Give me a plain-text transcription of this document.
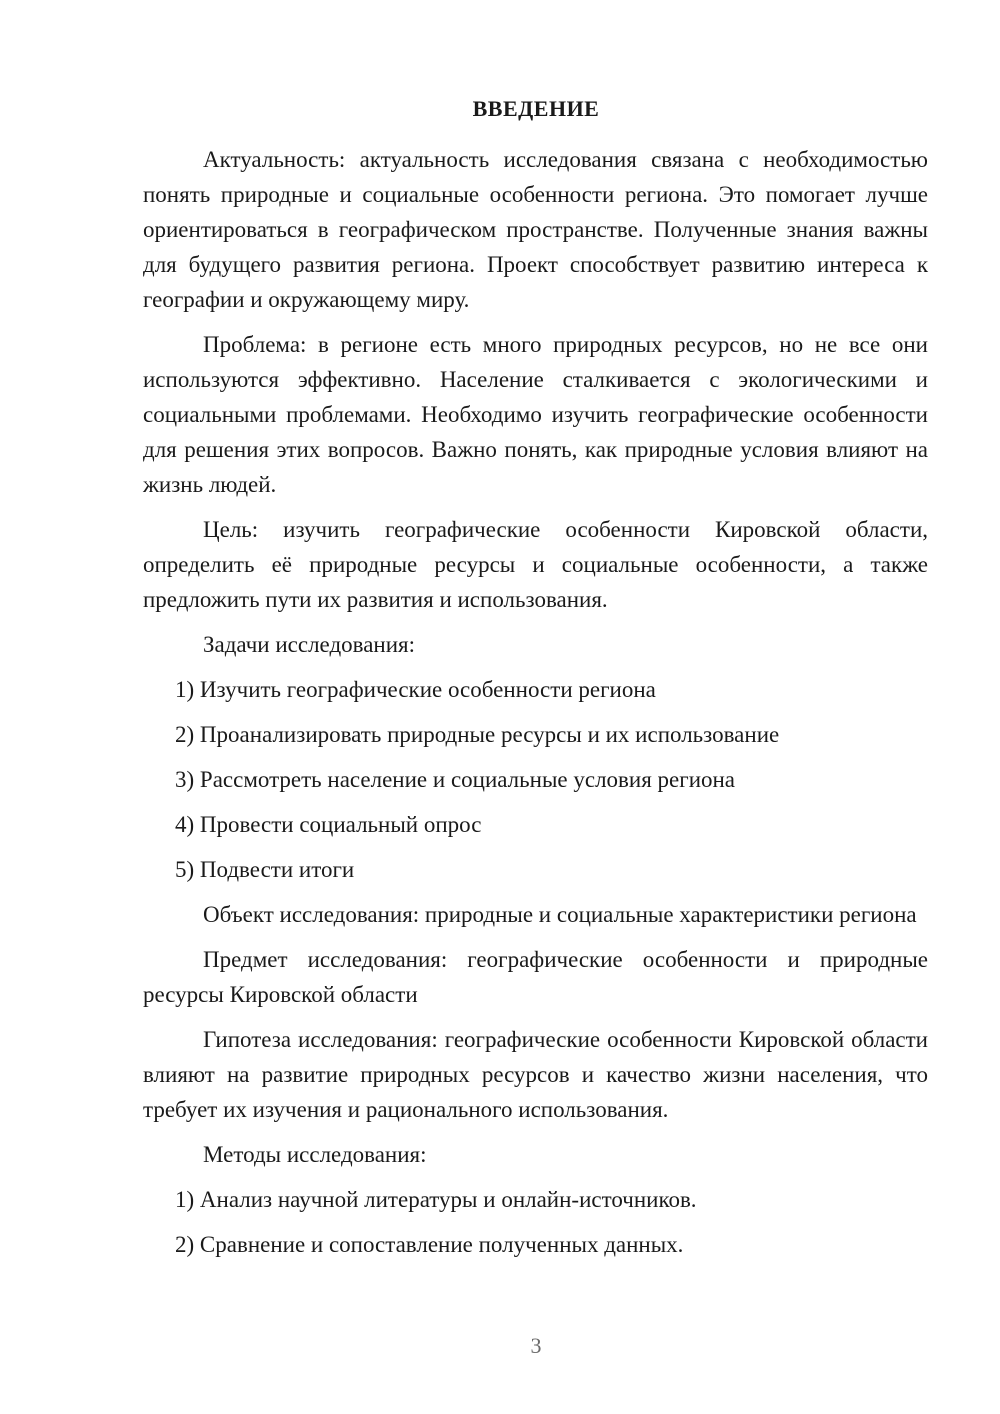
ВВЕДЕНИЕ

Актуальность: актуальность исследования связана с необходимостью понять природные и социальные особенности региона. Это помогает лучше ориентироваться в географическом пространстве. Полученные знания важны для будущего развития региона. Проект способствует развитию интереса к географии и окружающему миру.

Проблема: в регионе есть много природных ресурсов, но не все они используются эффективно. Население сталкивается с экологическими и социальными проблемами. Необходимо изучить географические особенности для решения этих вопросов. Важно понять, как природные условия влияют на жизнь людей.

Цель: изучить географические особенности Кировской области, определить её природные ресурсы и социальные особенности, а также предложить пути их развития и использования.

Задачи исследования:

1) Изучить географические особенности региона

2) Проанализировать природные ресурсы и их использование

3) Рассмотреть население и социальные условия региона

4) Провести социальный опрос

5) Подвести итоги

Объект исследования: природные и социальные характеристики региона

Предмет исследования: географические особенности и природные ресурсы Кировской области

Гипотеза исследования: географические особенности Кировской области влияют на развитие природных ресурсов и качество жизни населения, что требует их изучения и рационального использования.

Методы исследования:

1) Анализ научной литературы и онлайн-источников.

2) Сравнение и сопоставление полученных данных.

3
